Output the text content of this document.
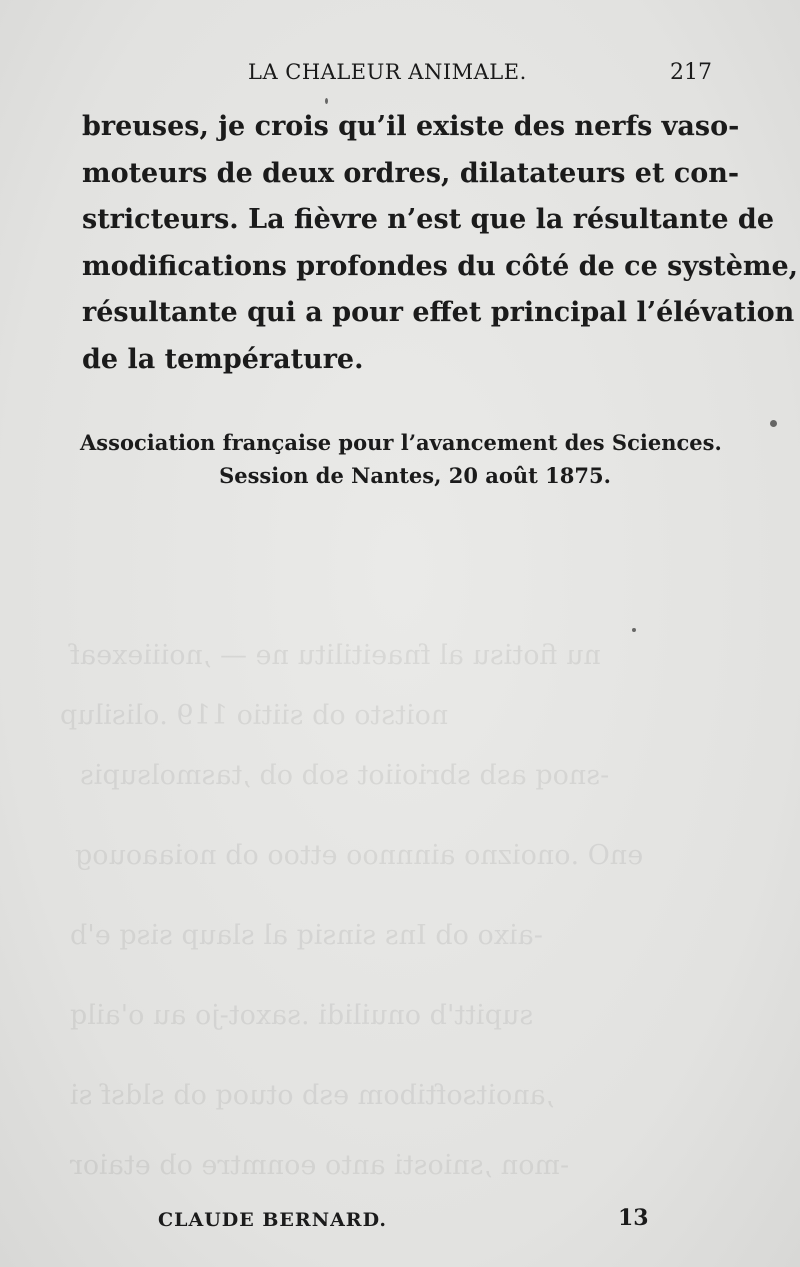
nu fiotisu al fnaeitilitu ne — ,noiiiexeaf
noitsto ob siitio 119 .olisilup
-snoq asb sbrioiiot sob ob ,tasmolsupis
enO .onoizno ainnnoo ettoo ob noiaaouog
-aixo ob Ins sinsiq al slaup sisq e'b
supitt'b onuilidi .saxot-jo au o'ailq
,anoitsoftibom esb otuoq ob sldsf si
-mon ,sniosti anto eonmtre ob etaior
LA CHALEUR ANIMALE.	217
breuses, je crois qu’il existe des nerfs vaso-
moteurs de deux ordres, dilatateurs et con-
stricteurs. La fièvre n’est que la résultante de
modifications profondes du côté de ce système,
résultante qui a pour effet principal l’élévation
de la température.
Association française pour l’avancement des Sciences.
Session de Nantes, 20 août 1875.
CLAUDE BERNARD.	13
